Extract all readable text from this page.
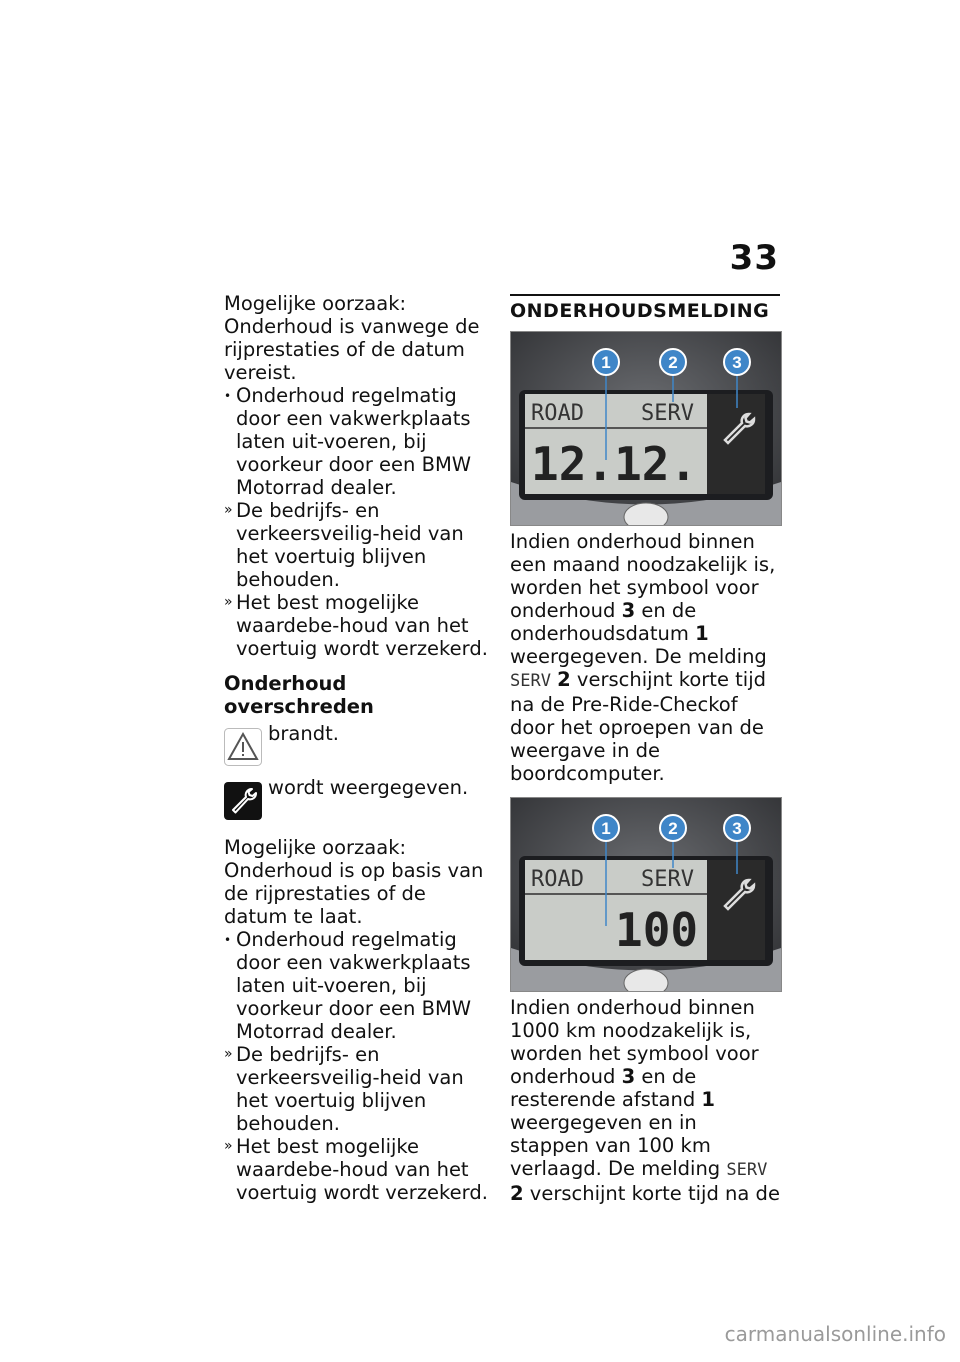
33

Mogelijke oorzaak:

Onderhoud is vanwege de rijprestaties of de datum vereist.

• Onderhoud regelmatig door een vakwerkplaats laten uit-voeren, bij voorkeur door een BMW Motorrad dealer.

» De bedrijfs- en verkeersveilig-heid van het voertuig blijven behouden.

» Het best mogelijke waardebe-houd van het voertuig wordt verzekerd.

Onderhoud overschreden

brandt.
wordt weergegeven.

Mogelijke oorzaak:

Onderhoud is op basis van de rijprestaties of de datum te laat.

• Onderhoud regelmatig door een vakwerkplaats laten uit-voeren, bij voorkeur door een BMW Motorrad dealer.

» De bedrijfs- en verkeersveilig-heid van het voertuig blijven behouden.

» Het best mogelijke waardebe-houd van het voertuig wordt verzekerd.

ONDERHOUDSMELDING

ROAD	SERV
12.12.
1	2	3

Indien onderhoud binnen een maand noodzakelijk is, worden het symbool voor onderhoud 3 en de onderhoudsdatum 1 weergegeven. De melding SERV 2 verschijnt korte tijd na de Pre-Ride-Checkof door het oproepen van de weergave in de boordcomputer.

ROAD	SERV
100
1	2	3

Indien onderhoud binnen 1000 km noodzakelijk is, worden het symbool voor onderhoud 3 en de resterende afstand 1 weergegeven en in stappen van 100 km verlaagd. De melding SERV 2 verschijnt korte tijd na de

carmanualsonline.info
